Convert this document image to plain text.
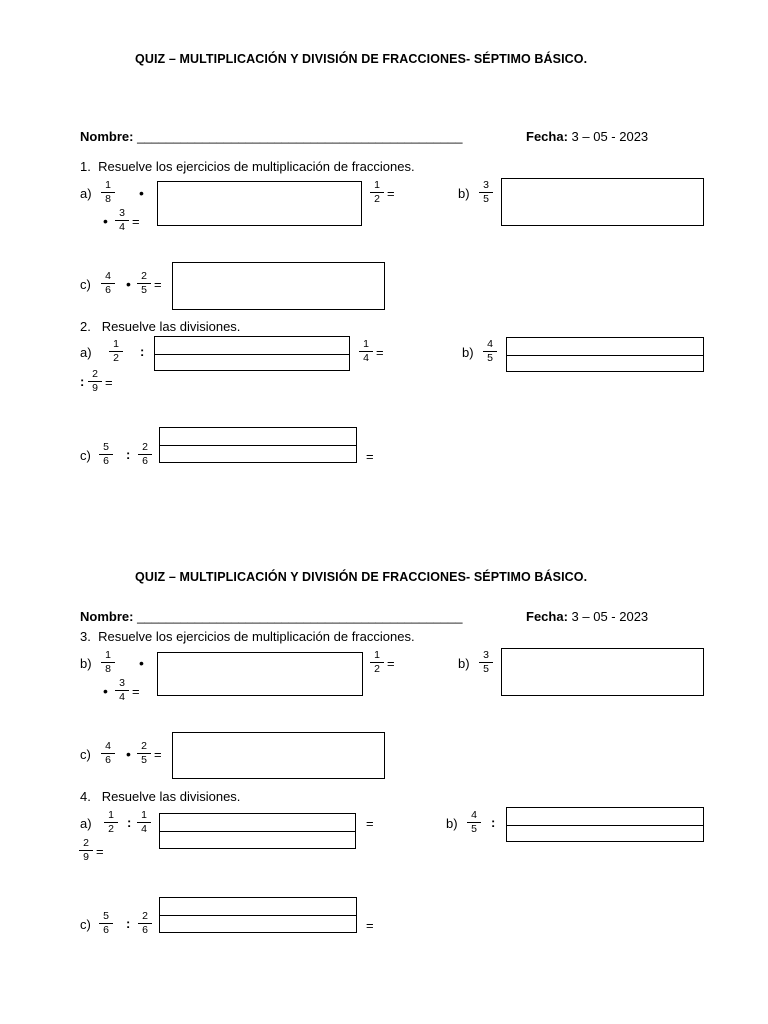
QUIZ – MULTIPLICACIÓN Y DIVISIÓN DE FRACCIONES- SÉPTIMO BÁSICO.
Nombre: _____________________________________________	Fecha: 3 – 05 - 2023
1. Resuelve los ejercicios de multiplicación de fracciones.
$a) \frac{1}{8}$ •	$\frac{1}{2}$ =
• $\frac{3}{4}$ =
$b) \frac{3}{5}$
$c) \frac{4}{6}$ • $\frac{2}{5}$ =
2. Resuelve las divisiones.
$a) \frac{1}{2}$ :	$\frac{1}{4}$ =
: $\frac{2}{9}$ =
$b) \frac{4}{5}$
$c) \frac{5}{6}$ : $\frac{2}{6}$	=
QUIZ – MULTIPLICACIÓN Y DIVISIÓN DE FRACCIONES- SÉPTIMO BÁSICO.
Nombre: _____________________________________________	Fecha: 3 – 05 - 2023
3. Resuelve los ejercicios de multiplicación de fracciones.
$b) \frac{1}{8}$ •	$\frac{1}{2}$ =
• $\frac{3}{4}$ =
$b) \frac{3}{5}$
$c) \frac{4}{6}$ • $\frac{2}{5}$ =
4. Resuelve las divisiones.
$a) \frac{1}{2}$ : $\frac{1}{4}$	=
$\frac{2}{9}$ =
$b) \frac{4}{5}$ :
$c) \frac{5}{6}$ : $\frac{2}{6}$	=
